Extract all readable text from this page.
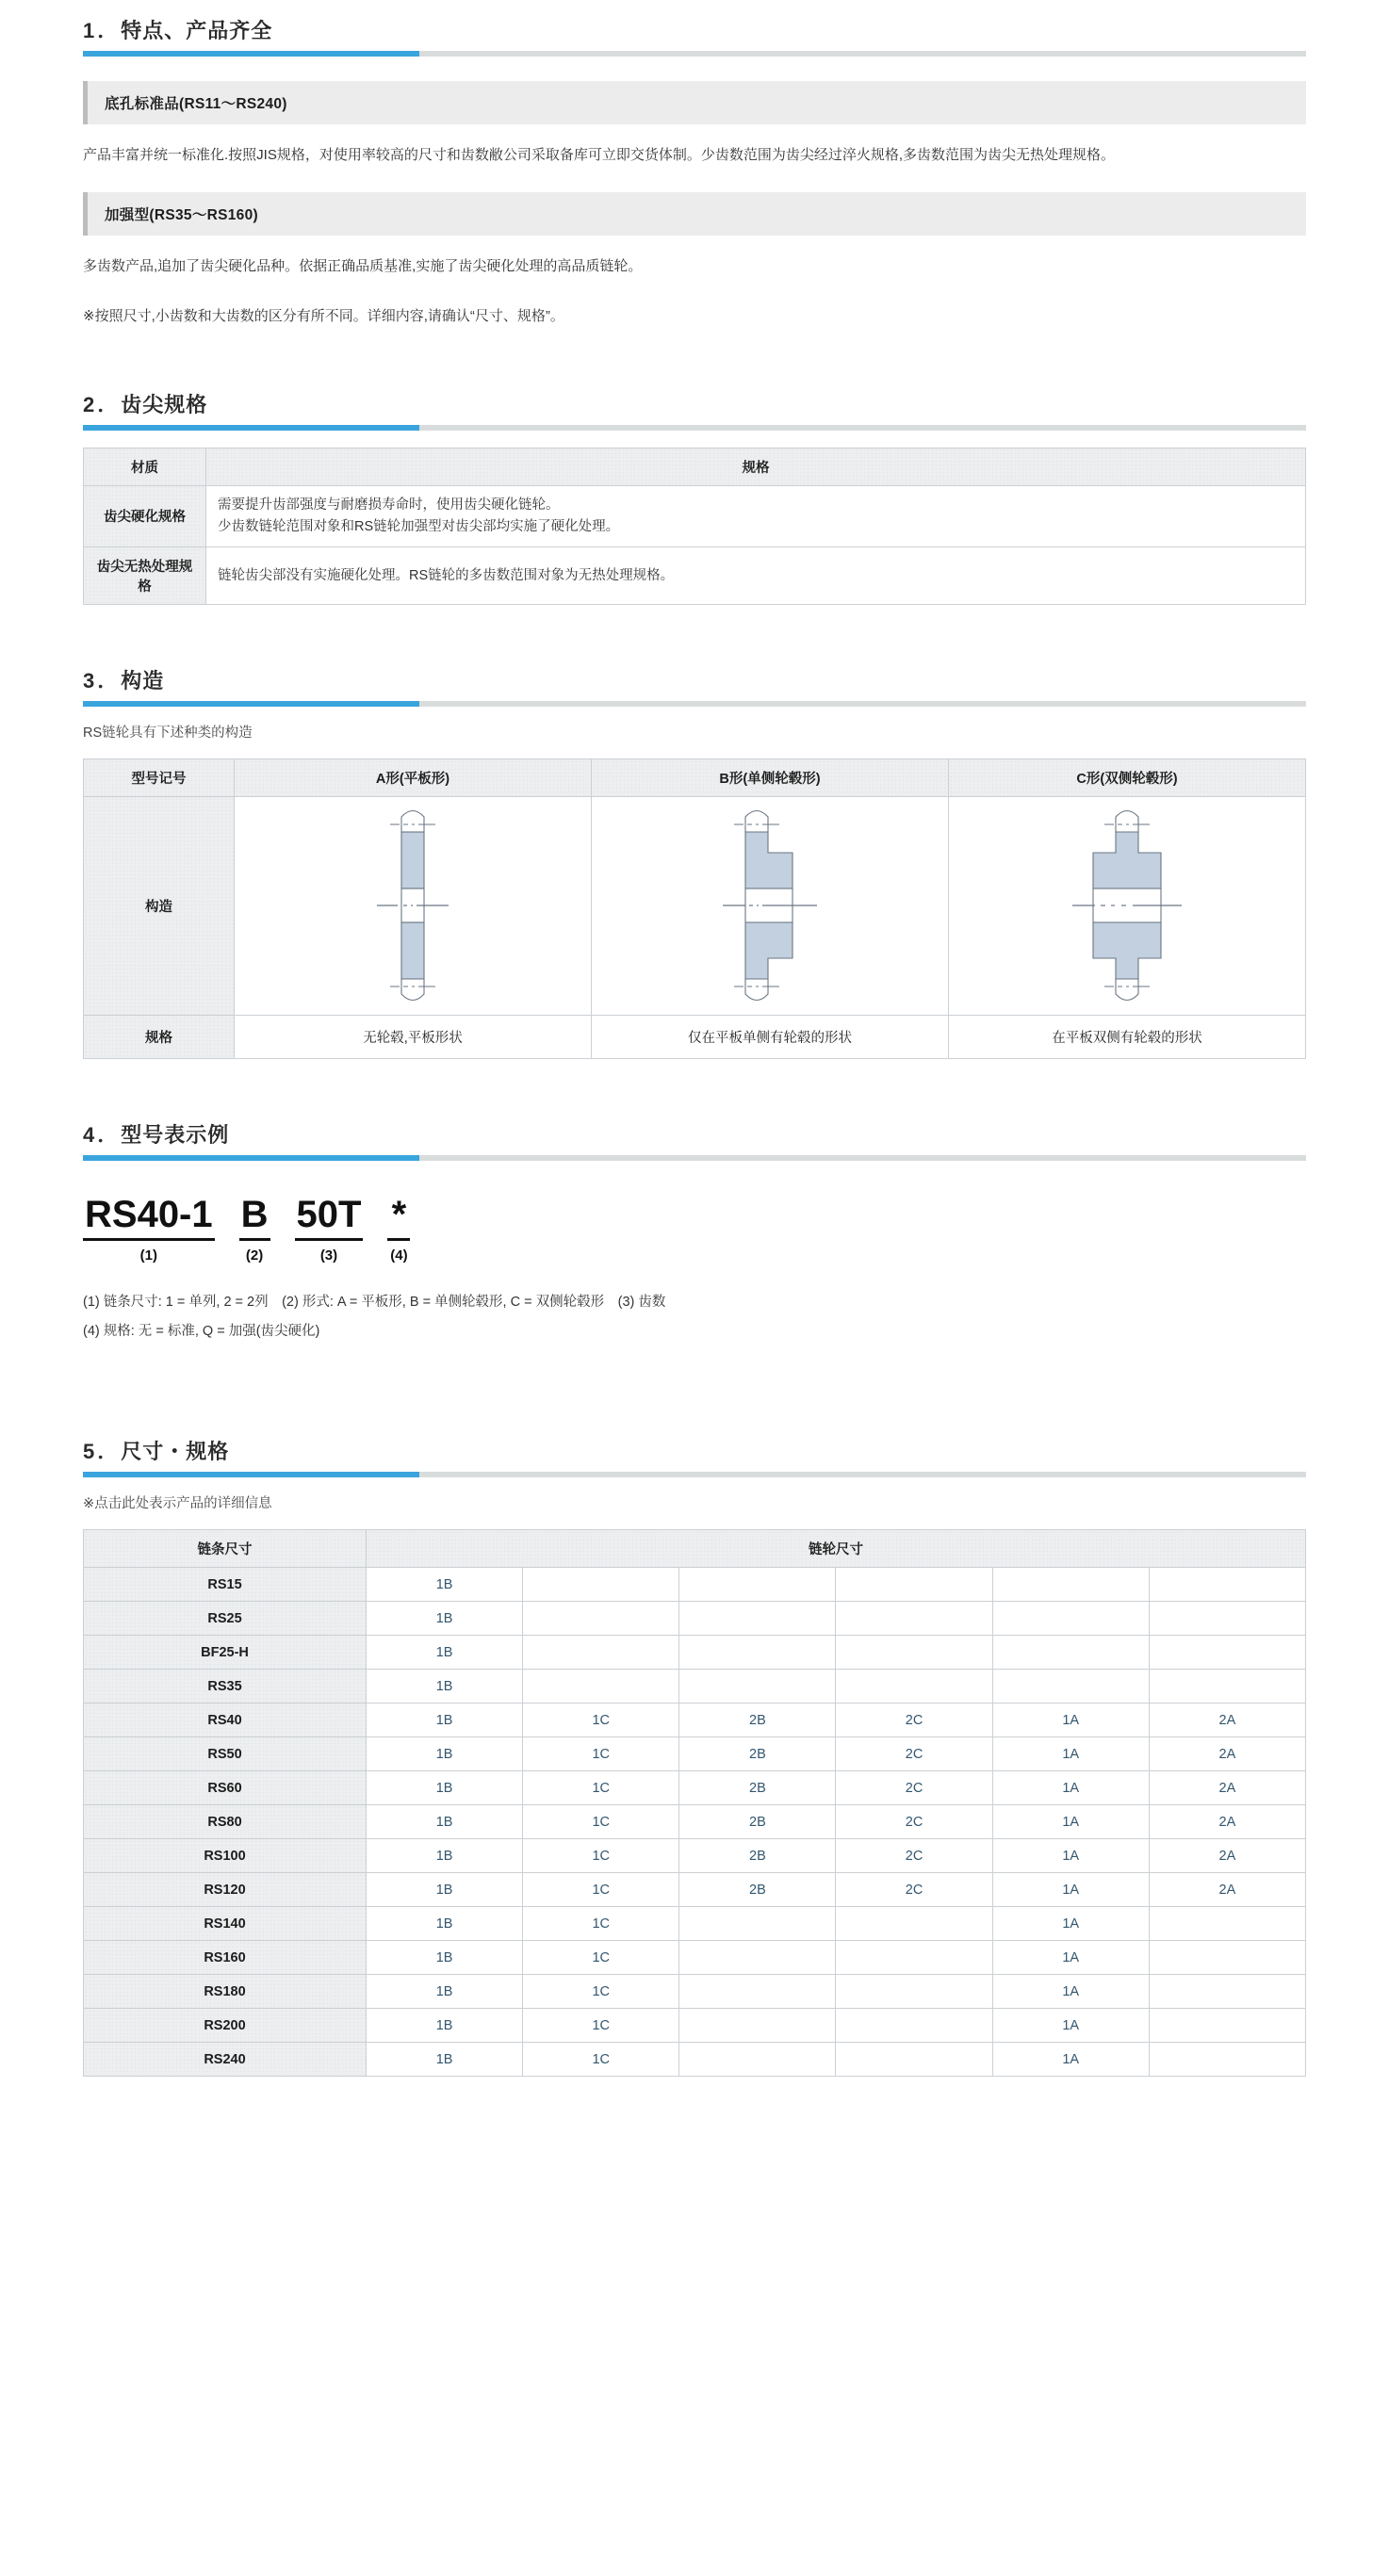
1．特点、产品齐全
底孔标准品(RS11～RS240)
产品丰富并统一标准化.按照JIS规格，对使用率较高的尺寸和齿数敝公司采取备库可立即交货体制。少齿数范围为齿尖经过淬火规格,多齿数范围为齿尖无热处理规格。
加强型(RS35～RS160)
多齿数产品,追加了齿尖硬化品种。依据正确品质基准,实施了齿尖硬化处理的高品质链轮。
※按照尺寸,小齿数和大齿数的区分有所不同。详细内容,请确认“尺寸、规格”。
2．齿尖规格
材质	规格
齿尖硬化规格	需要提升齿部强度与耐磨损寿命时，使用齿尖硬化链轮。
少齿数链轮范围对象和RS链轮加强型对齿尖部均实施了硬化处理。

齿尖无热处理规格	链轮齿尖部没有实施硬化处理。RS链轮的多齿数范围对象为无热处理规格。
3．构造
RS链轮具有下述种类的构造
型号记号	A形(平板形)	B形(单侧轮毂形)	C形(双侧轮毂形)
构造	

规格	无轮毂,平板形状	仅在平板单侧有轮毂的形状	在平板双侧有轮毂的形状
4．型号表示例
RS40-1
(1)
B
(2)
50T
(3)
*
(4)
(1) 链条尺寸: 1 = 单列, 2 = 2列　(2) 形式: A = 平板形, B = 单侧轮毂形, C = 双侧轮毂形　(3) 齿数
(4) 规格: 无 = 标准, Q = 加强(齿尖硬化)
5．尺寸・规格
※点击此处表示产品的详细信息
链条尺寸	链轮尺寸					
RS15	1B					
RS25	1B					
BF25-H	1B					
RS35	1B					
RS40	1B	1C	2B	2C	1A	2A
RS50	1B	1C	2B	2C	1A	2A
RS60	1B	1C	2B	2C	1A	2A
RS80	1B	1C	2B	2C	1A	2A
RS100	1B	1C	2B	2C	1A	2A
RS120	1B	1C	2B	2C	1A	2A
RS140	1B	1C			1A	
RS160	1B	1C			1A	
RS180	1B	1C			1A	
RS200	1B	1C			1A	
RS240	1B	1C			1A	
